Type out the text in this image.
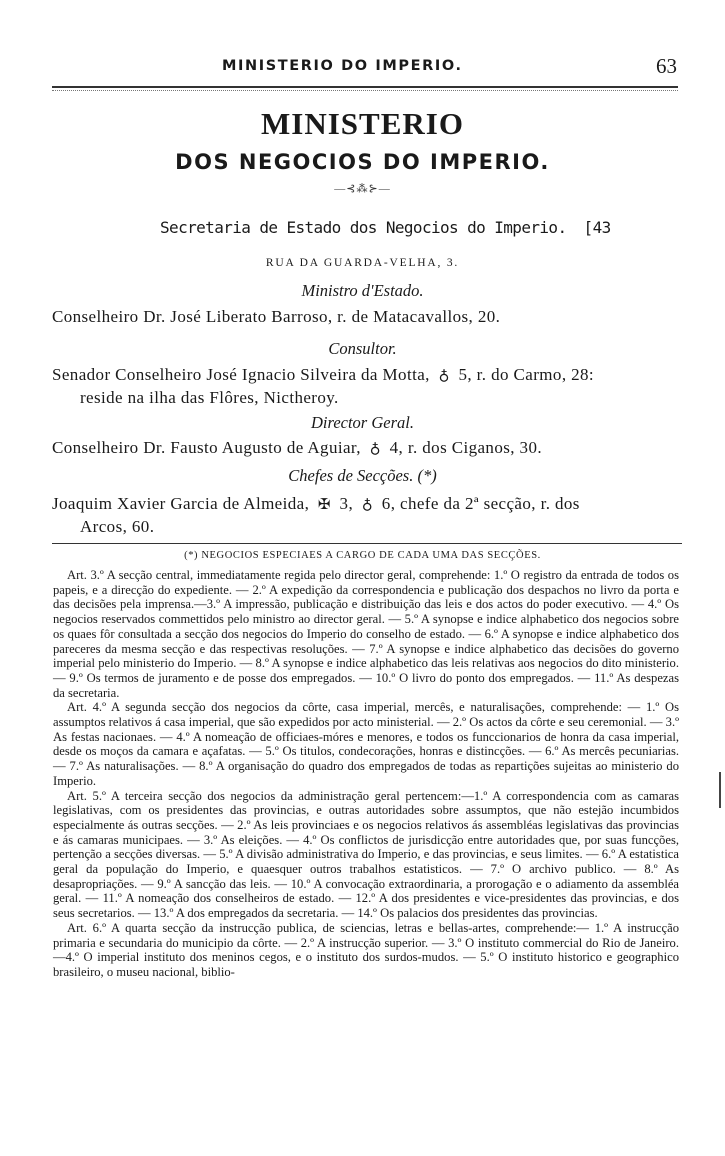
MINISTERIO DO IMPERIO.	63
MINISTERIO
DOS NEGOCIOS DO IMPERIO.
—⊰⁂⊱—
Secretaria de Estado dos Negocios do Imperio. [43
RUA DA GUARDA-VELHA, 3.
Ministro d'Estado.
Conselheiro Dr. José Liberato Barroso, r. de Matacavallos, 20.
Consultor.
Senador Conselheiro José Ignacio Silveira da Motta, ♁ 5, r. do Carmo, 28:
reside na ilha das Flôres, Nictheroy.
Director Geral.
Conselheiro Dr. Fausto Augusto de Aguiar, ♁ 4, r. dos Ciganos, 30.
Chefes de Secções. (*)
Joaquim Xavier Garcia de Almeida, ✠ 3, ♁ 6, chefe da 2ª secção, r. dos
Arcos, 60.
(*) NEGOCIOS ESPECIAES A CARGO DE CADA UMA DAS SECÇÕES.

Art. 3.º A secção central, immediatamente regida pelo director geral, comprehende: 1.º O registro da entrada de todos os papeis, e a direcção do expediente. — 2.º A expedição da correspondencia e publicação dos despachos no livro da porta e das decisões pela imprensa.—3.º A impressão, publicação e distribuição das leis e dos actos do poder executivo. — 4.º Os negocios reservados commettidos pelo ministro ao director geral. — 5.º A synopse e indice alphabetico dos negocios sobre os quaes fôr consultada a secção dos negocios do Imperio do conselho de estado. — 6.º A synopse e indice alphabetico dos pareceres da mesma secção e das respectivas resoluções. — 7.º A synopse e indice alphabetico das decisões do governo imperial pelo ministerio do Imperio. — 8.º A synopse e indice alphabetico das leis relativas aos negocios do dito ministerio. — 9.º Os termos de juramento e de posse dos empregados. — 10.º O livro do ponto dos empregados. — 11.º As despezas da secretaria.

Art. 4.º A segunda secção dos negocios da côrte, casa imperial, mercês, e naturalisações, comprehende: — 1.º Os assumptos relativos á casa imperial, que são expedidos por acto ministerial. — 2.º Os actos da côrte e seu ceremonial. — 3.º As festas nacionaes. — 4.º A nomeação de officiaes-móres e menores, e todos os funccionarios de honra da casa imperial, desde os moços da camara e açafatas. — 5.º Os titulos, condecorações, honras e distincções. — 6.º As mercês pecuniarias. — 7.º As naturalisações. — 8.º A organisação do quadro dos empregados de todas as repartições sujeitas ao ministerio do Imperio.

Art. 5.º A terceira secção dos negocios da administração geral pertencem:—1.º A correspondencia com as camaras legislativas, com os presidentes das provincias, e outras autoridades sobre assumptos, que não estejão incumbidos especialmente ás outras secções. — 2.º As leis provinciaes e os negocios relativos ás assembléas legislativas das provincias e ás camaras municipaes. — 3.º As eleições. — 4.º Os conflictos de jurisdicção entre autoridades que, por suas funcções, pertenção a secções diversas. — 5.º A divisão administrativa do Imperio, e das provincias, e seus limites. — 6.º A estatistica geral da população do Imperio, e quaesquer outros trabalhos estatisticos. — 7.º O archivo publico. — 8.º As desapropriações. — 9.º A sancção das leis. — 10.º A convocação extraordinaria, a prorogação e o adiamento da assembléa geral. — 11.º A nomeação dos conselheiros de estado. — 12.º A dos presidentes e vice-presidentes das provincias, e dos seus secretarios. — 13.º A dos empregados da secretaria. — 14.º Os palacios dos presidentes das provincias.

Art. 6.º A quarta secção da instrucção publica, de sciencias, letras e bellas-artes, comprehende:— 1.º A instrucção primaria e secundaria do municipio da côrte. — 2.º A instrucção superior. — 3.º O instituto commercial do Rio de Janeiro.—4.º O imperial instituto dos meninos cegos, e o instituto dos surdos-mudos. — 5.º O instituto historico e geographico brasileiro, o museu nacional, biblio-
